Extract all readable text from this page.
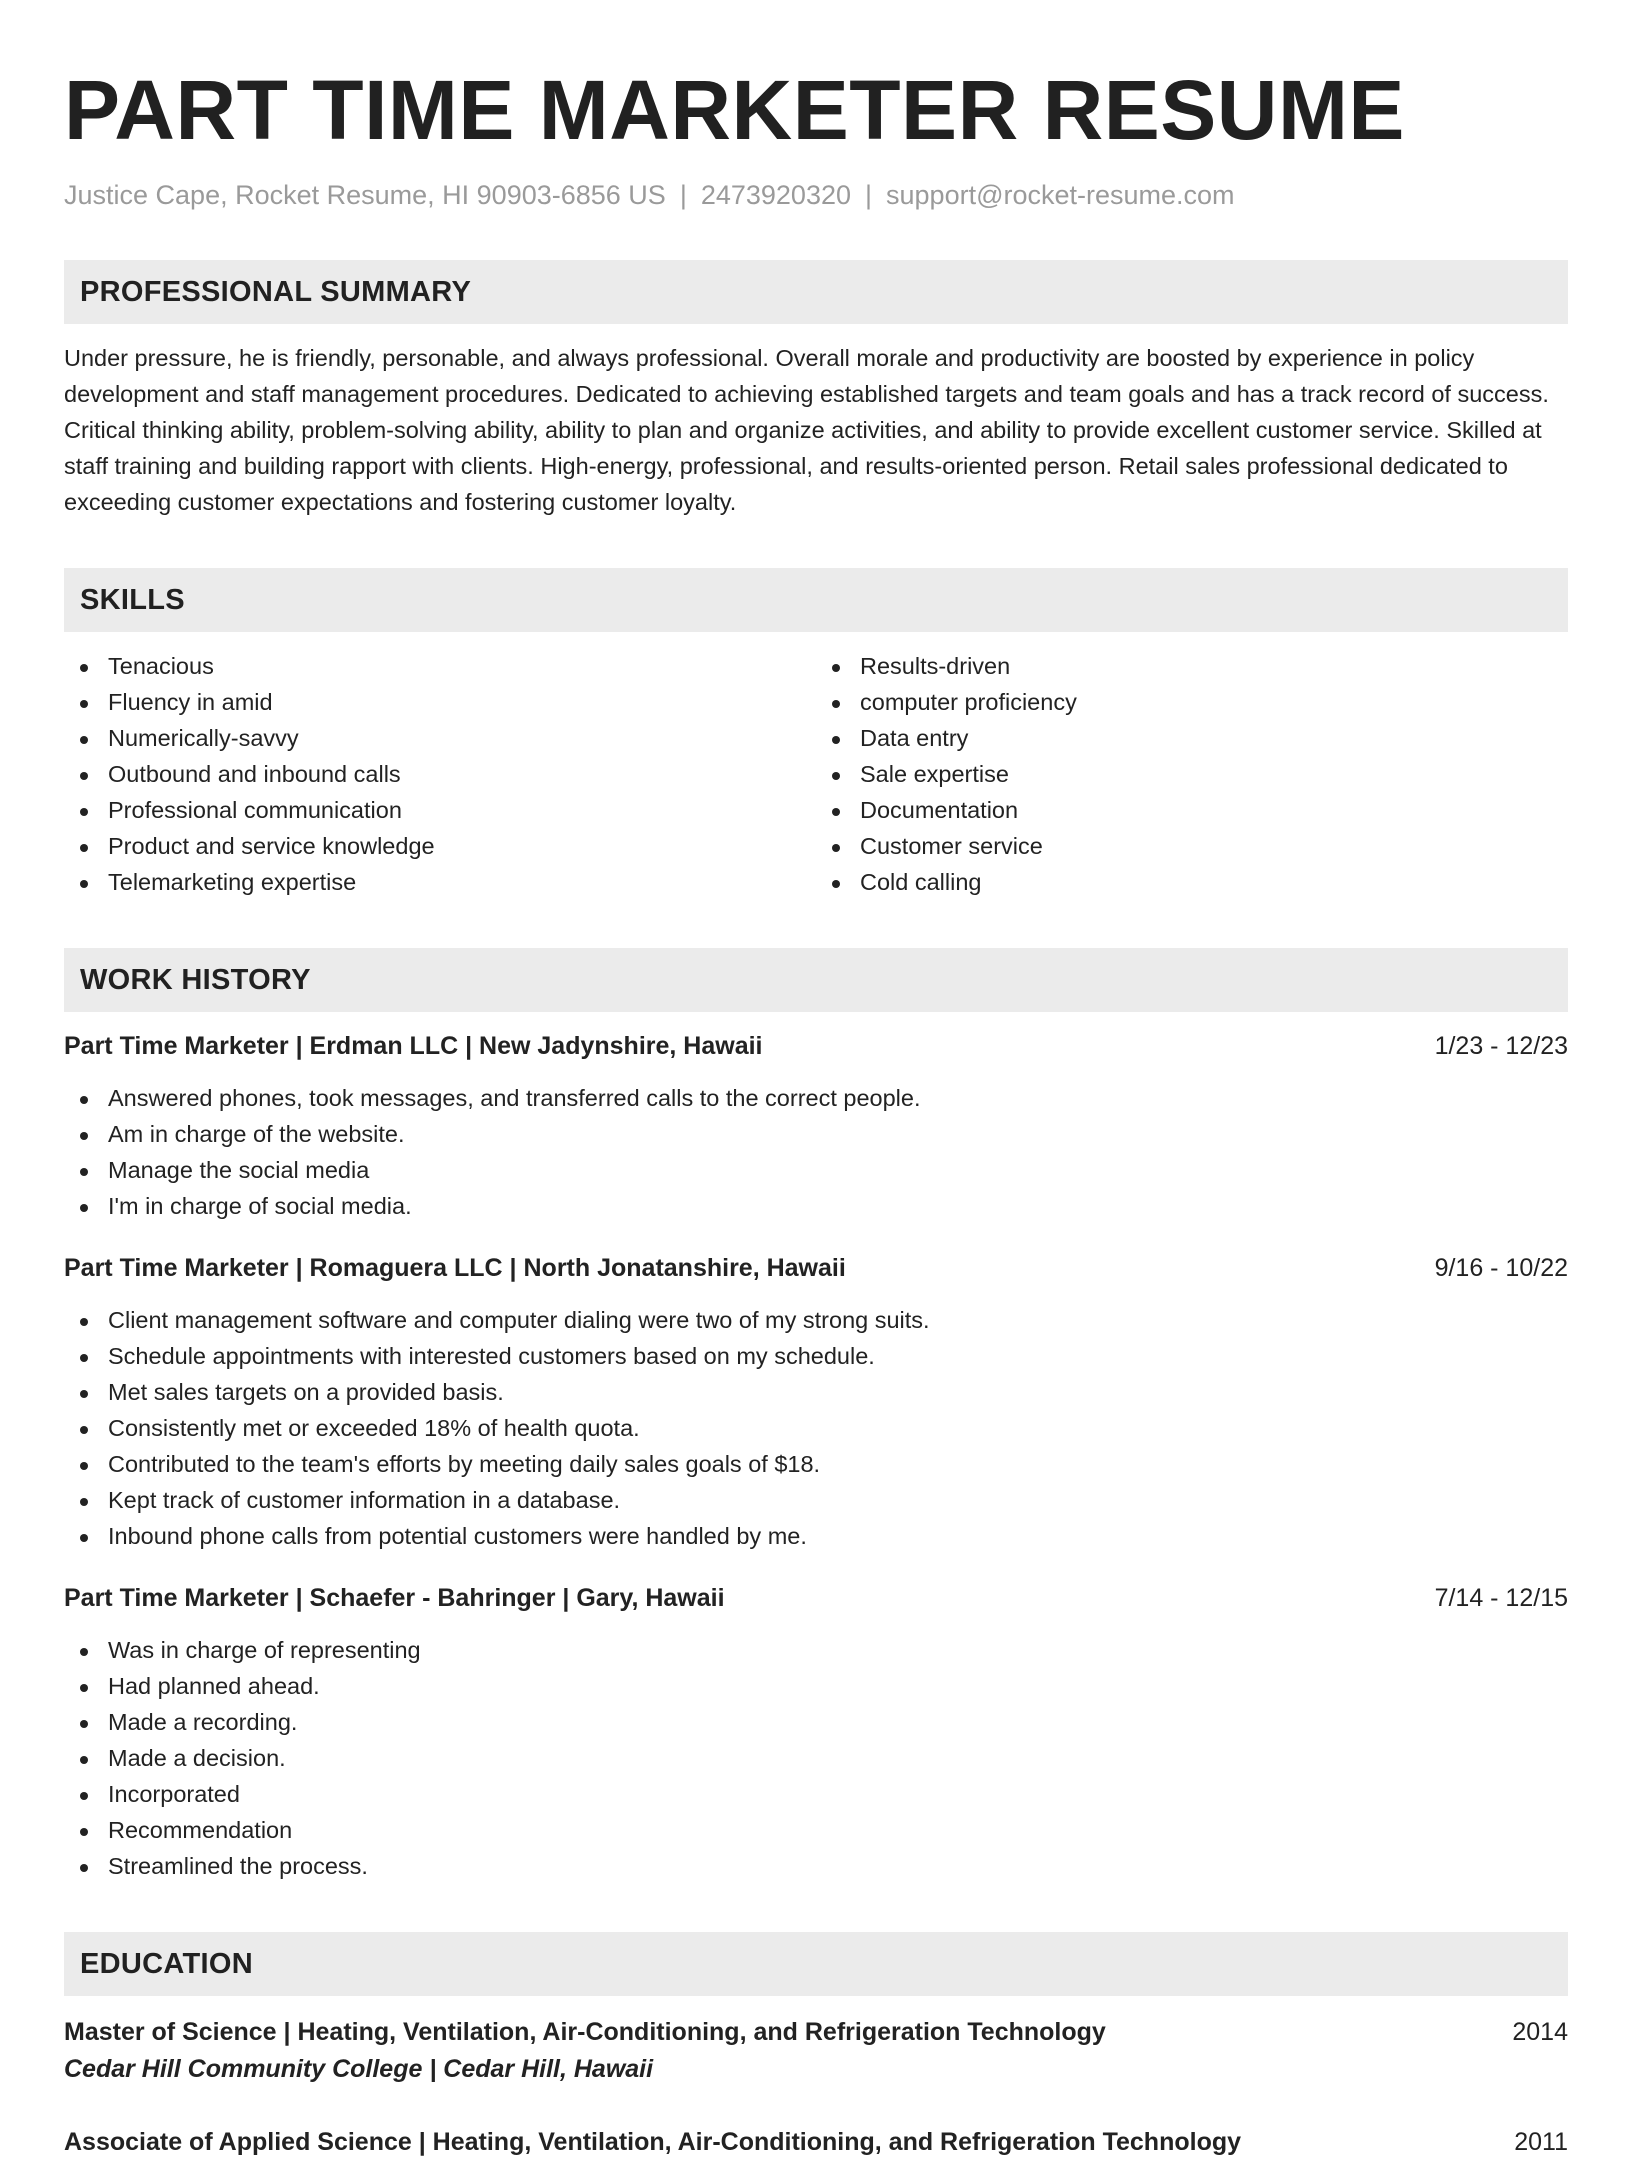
PART TIME MARKETER RESUME
Justice Cape, Rocket Resume, HI 90903-6856 US | 2473920320 | support@rocket-resume.com
PROFESSIONAL SUMMARY

Under pressure, he is friendly, personable, and always professional. Overall morale and productivity are boosted by experience in policy development and staff management procedures. Dedicated to achieving established targets and team goals and has a track record of success. Critical thinking ability, problem-solving ability, ability to plan and organize activities, and ability to provide excellent customer service. Skilled at staff training and building rapport with clients. High-energy, professional, and results-oriented person. Retail sales professional dedicated to exceeding customer expectations and fostering customer loyalty.

SKILLS
Tenacious
Fluency in amid
Numerically-savvy
Outbound and inbound calls
Professional communication
Product and service knowledge
Telemarketing expertise
Results-driven
computer proficiency
Data entry
Sale expertise
Documentation
Customer service
Cold calling
WORK HISTORY
Part Time Marketer | Erdman LLC | New Jadynshire, Hawaii	1/23 - 12/23
Answered phones, took messages, and transferred calls to the correct people.
Am in charge of the website.
Manage the social media
I'm in charge of social media.
Part Time Marketer | Romaguera LLC | North Jonatanshire, Hawaii	9/16 - 10/22
Client management software and computer dialing were two of my strong suits.
Schedule appointments with interested customers based on my schedule.
Met sales targets on a provided basis.
Consistently met or exceeded 18% of health quota.
Contributed to the team's efforts by meeting daily sales goals of $18.
Kept track of customer information in a database.
Inbound phone calls from potential customers were handled by me.
Part Time Marketer | Schaefer - Bahringer | Gary, Hawaii	7/14 - 12/15
Was in charge of representing
Had planned ahead.
Made a recording.
Made a decision.
Incorporated
Recommendation
Streamlined the process.
EDUCATION
Master of Science | Heating, Ventilation, Air-Conditioning, and Refrigeration Technology	2014
Cedar Hill Community College | Cedar Hill, Hawaii
Associate of Applied Science | Heating, Ventilation, Air-Conditioning, and Refrigeration Technology	2011
